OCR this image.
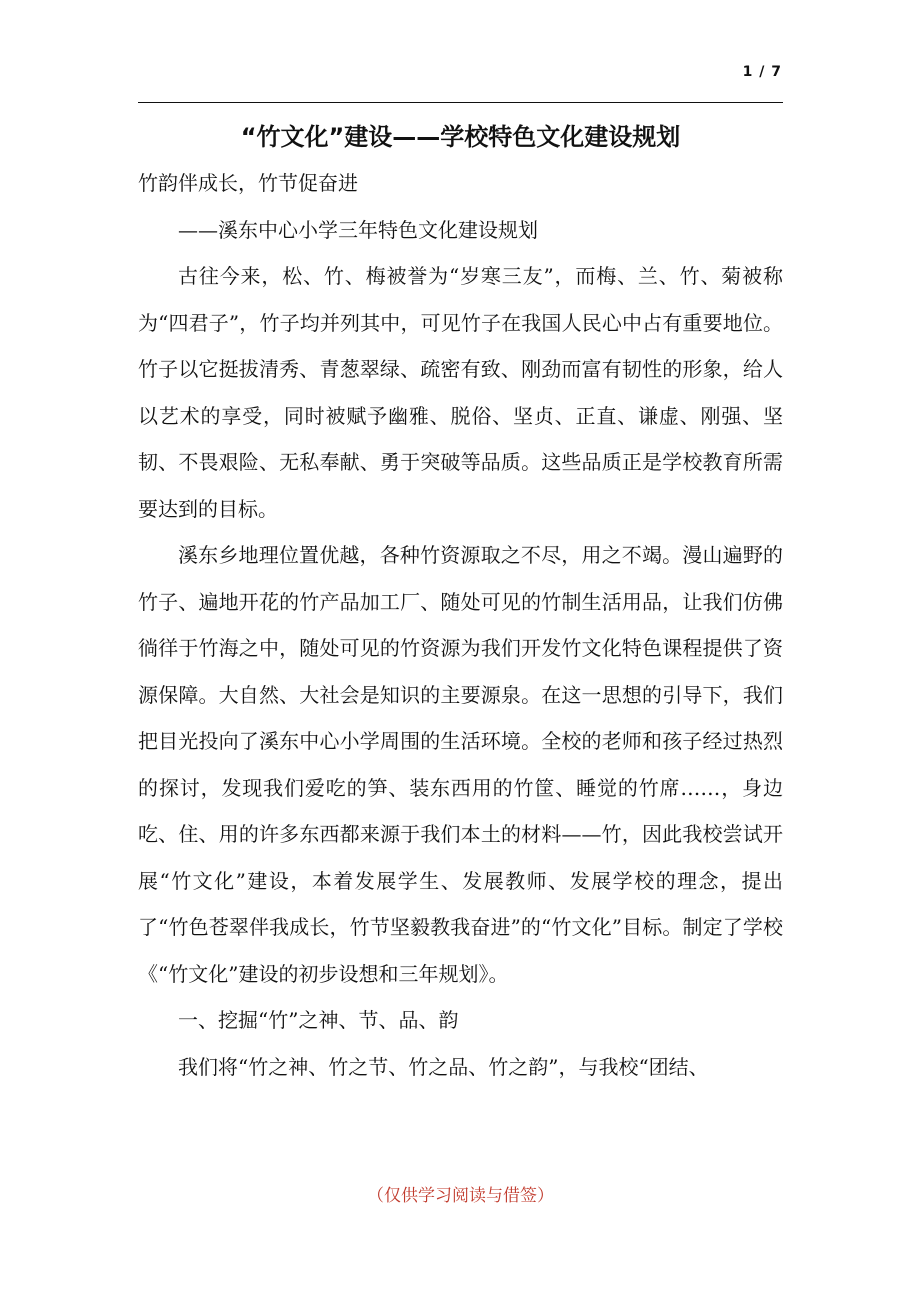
1 / 7
“竹文化”建设——学校特色文化建设规划

竹韵伴成长，竹节促奋进

——溪东中心小学三年特色文化建设规划

古往今来，松、竹、梅被誉为“岁寒三友”，而梅、兰、竹、菊被称为“四君子”，竹子均并列其中，可见竹子在我国人民心中占有重要地位。竹子以它挺拔清秀、青葱翠绿、疏密有致、刚劲而富有韧性的形象，给人以艺术的享受，同时被赋予幽雅、脱俗、坚贞、正直、谦虚、刚强、坚韧、不畏艰险、无私奉献、勇于突破等品质。这些品质正是学校教育所需要达到的目标。

溪东乡地理位置优越，各种竹资源取之不尽，用之不竭。漫山遍野的竹子、遍地开花的竹产品加工厂、随处可见的竹制生活用品，让我们仿佛徜徉于竹海之中，随处可见的竹资源为我们开发竹文化特色课程提供了资源保障。大自然、大社会是知识的主要源泉。在这一思想的引导下，我们把目光投向了溪东中心小学周围的生活环境。全校的老师和孩子经过热烈的探讨，发现我们爱吃的笋、装东西用的竹筐、睡觉的竹席……，身边吃、住、用的许多东西都来源于我们本土的材料——竹，因此我校尝试开展“竹文化”建设，本着发展学生、发展教师、发展学校的理念，提出了“竹色苍翠伴我成长，竹节坚毅教我奋进”的“竹文化”目标。制定了学校《“竹文化”建设的初步设想和三年规划》。

一、挖掘“竹”之神、节、品、韵

我们将“竹之神、竹之节、竹之品、竹之韵”，与我校“团结、

（仅供学习阅读与借签）
